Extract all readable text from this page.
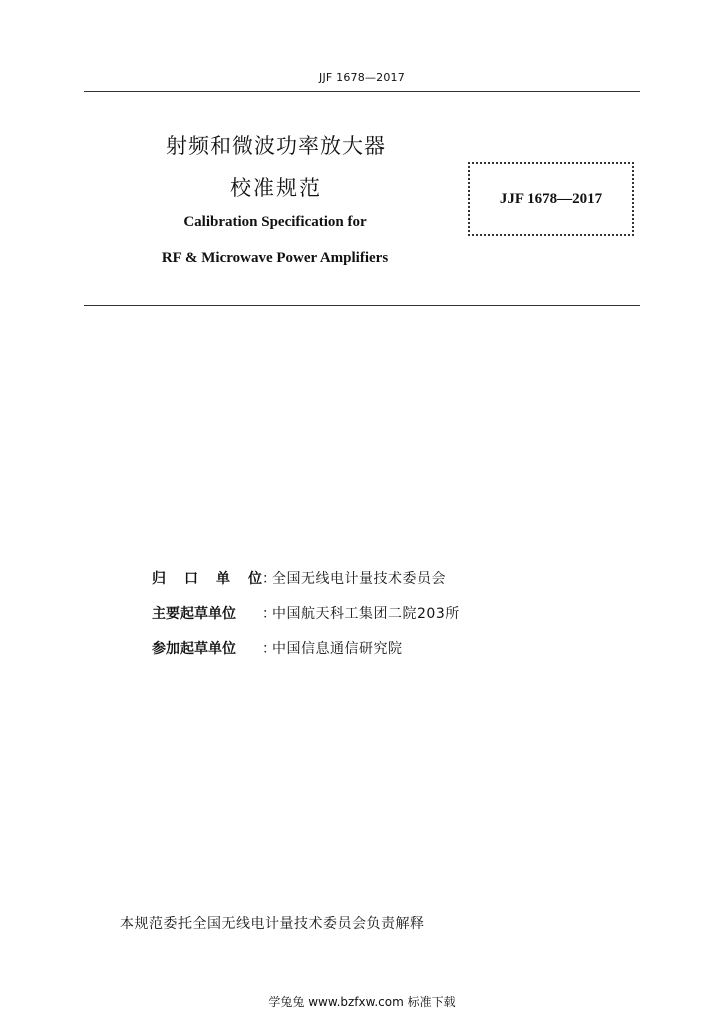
JJF 1678—2017
射频和微波功率放大器
校准规范
Calibration Specification for
RF & Microwave Power Amplifiers
JJF 1678—2017
归 口 单 位 ：
全国无线电计量技术委员会
主要起草单位 ：
中国航天科工集团二院203所
参加起草单位 ：
中国信息通信研究院
本规范委托全国无线电计量技术委员会负责解释
学兔兔 www.bzfxw.com 标准下载
